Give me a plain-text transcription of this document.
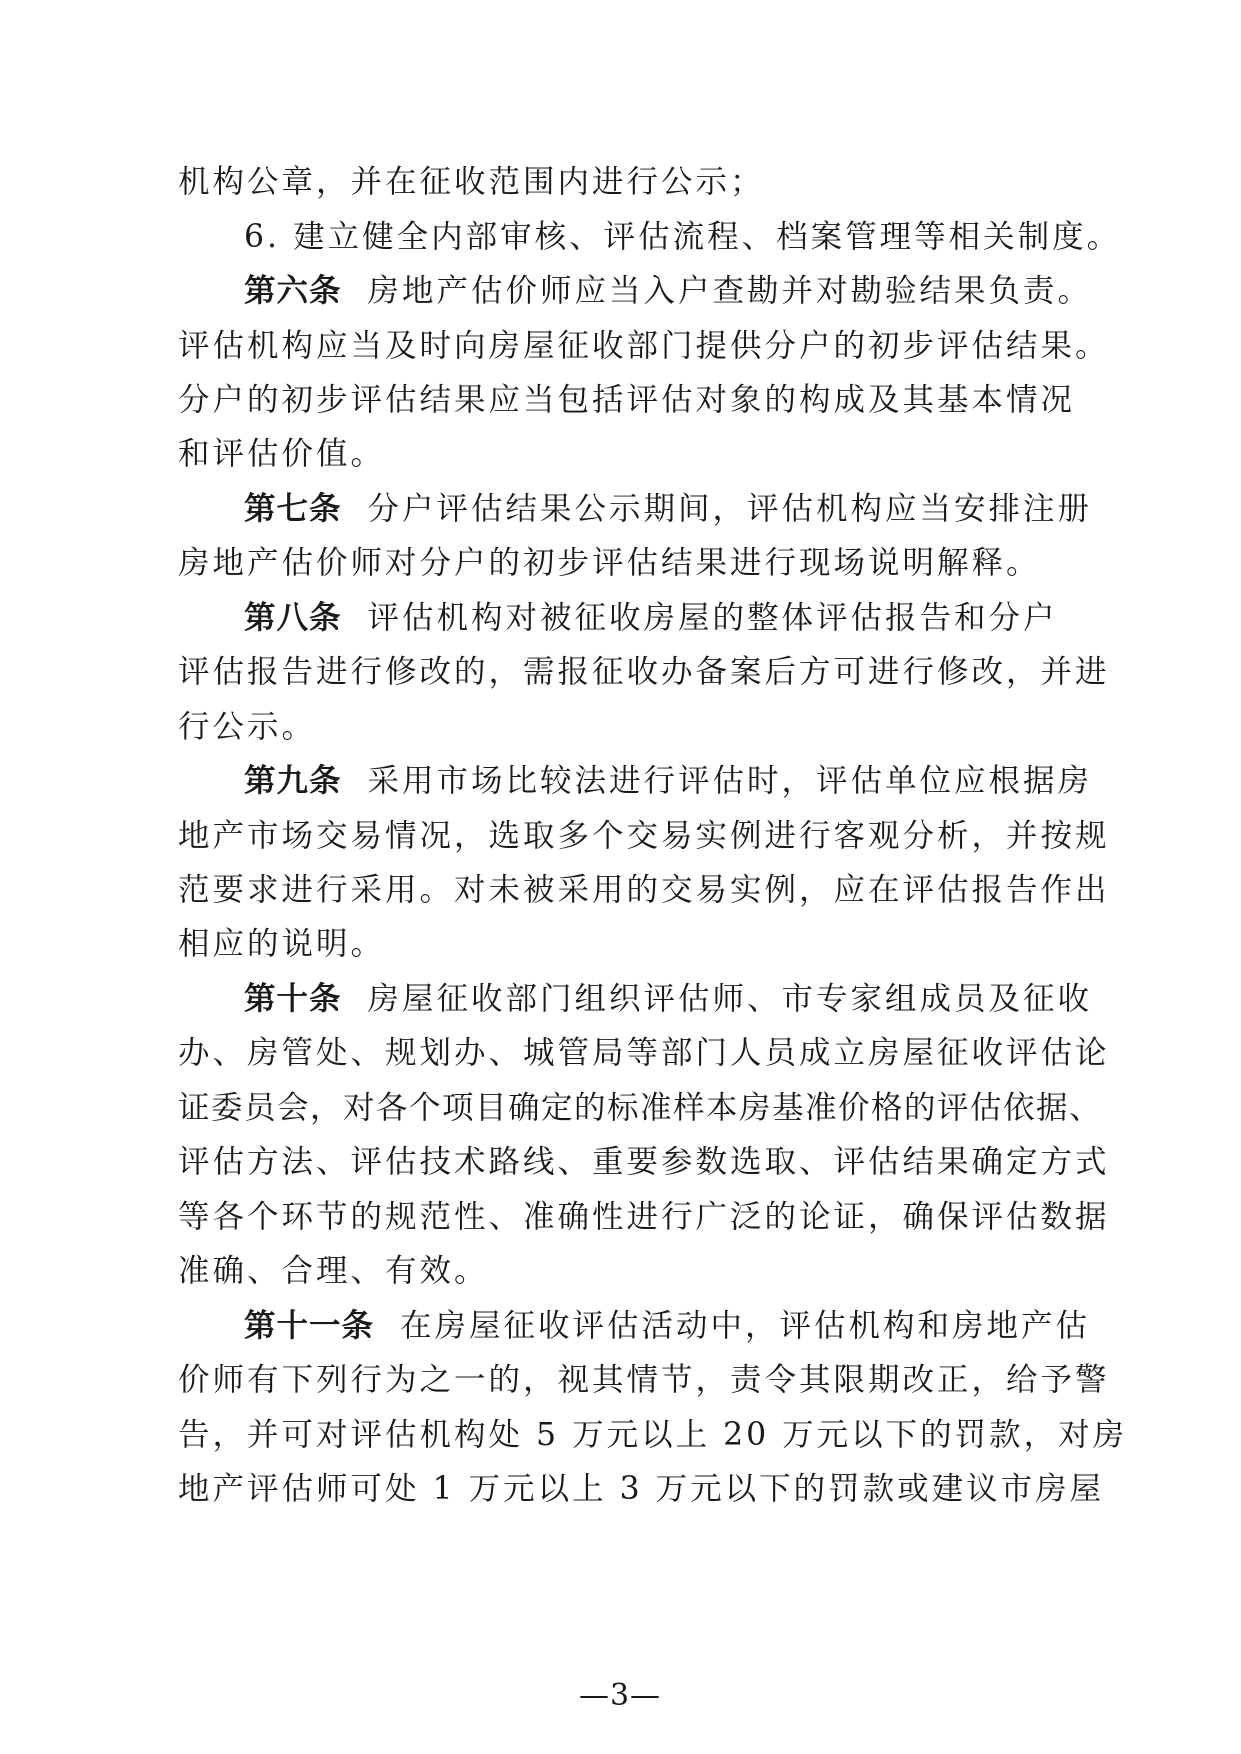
机构公章，并在征收范围内进行公示；
6. 建立健全内部审核、评估流程、档案管理等相关制度。
第六条 房地产估价师应当入户查勘并对勘验结果负责。
评估机构应当及时向房屋征收部门提供分户的初步评估结果。
分户的初步评估结果应当包括评估对象的构成及其基本情况
和评估价值。
第七条 分户评估结果公示期间，评估机构应当安排注册
房地产估价师对分户的初步评估结果进行现场说明解释。
第八条 评估机构对被征收房屋的整体评估报告和分户
评估报告进行修改的，需报征收办备案后方可进行修改，并进
行公示。
第九条 采用市场比较法进行评估时，评估单位应根据房
地产市场交易情况，选取多个交易实例进行客观分析，并按规
范要求进行采用。对未被采用的交易实例，应在评估报告作出
相应的说明。
第十条 房屋征收部门组织评估师、市专家组成员及征收
办、房管处、规划办、城管局等部门人员成立房屋征收评估论
证委员会，对各个项目确定的标准样本房基准价格的评估依据、
评估方法、评估技术路线、重要参数选取、评估结果确定方式
等各个环节的规范性、准确性进行广泛的论证，确保评估数据
准确、合理、有效。
第十一条 在房屋征收评估活动中，评估机构和房地产估
价师有下列行为之一的，视其情节，责令其限期改正，给予警
告，并可对评估机构处 5 万元以上 20 万元以下的罚款，对房
地产评估师可处 1 万元以上 3 万元以下的罚款或建议市房屋
—3—
